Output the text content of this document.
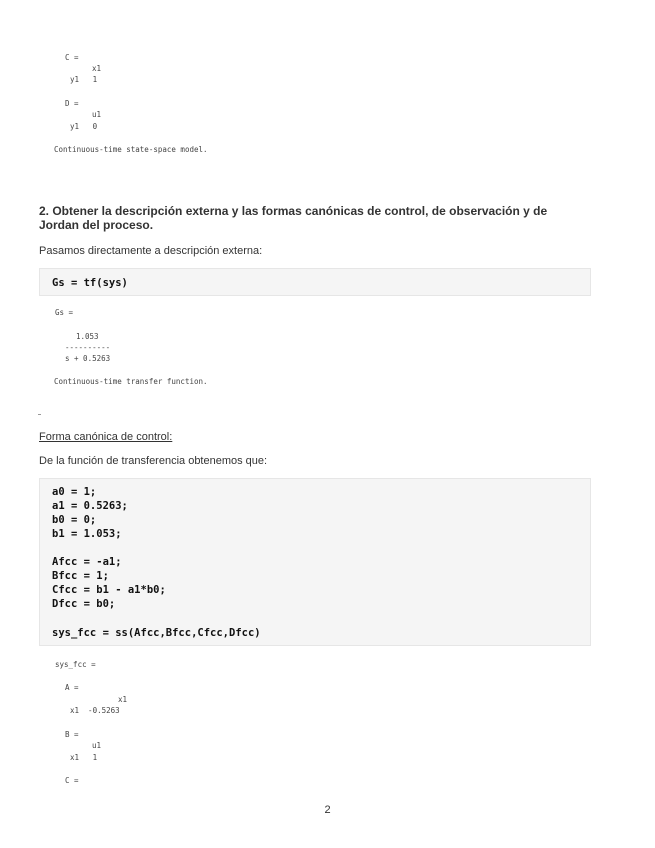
C =
x1
y1   1
D =
u1
y1   0
Continuous-time state-space model.
2. Obtener la descripción externa y las formas canónicas de control, de observación y de Jordan del proceso.
Pasamos directamente a descripción externa:
Gs = tf(sys)
Gs =
1.053
----------
s + 0.5263
Continuous-time transfer function.
Forma canónica de control:
De la función de transferencia obtenemos que:
a0 = 1;
a1 = 0.5263;
b0 = 0;
b1 = 1.053;
Afcc = -a1;
Bfcc = 1;
Cfcc = b1 - a1*b0;
Dfcc = b0;
sys_fcc = ss(Afcc,Bfcc,Cfcc,Dfcc)
sys_fcc =
A =
x1
x1  -0.5263
B =
u1
x1   1
C =
2
